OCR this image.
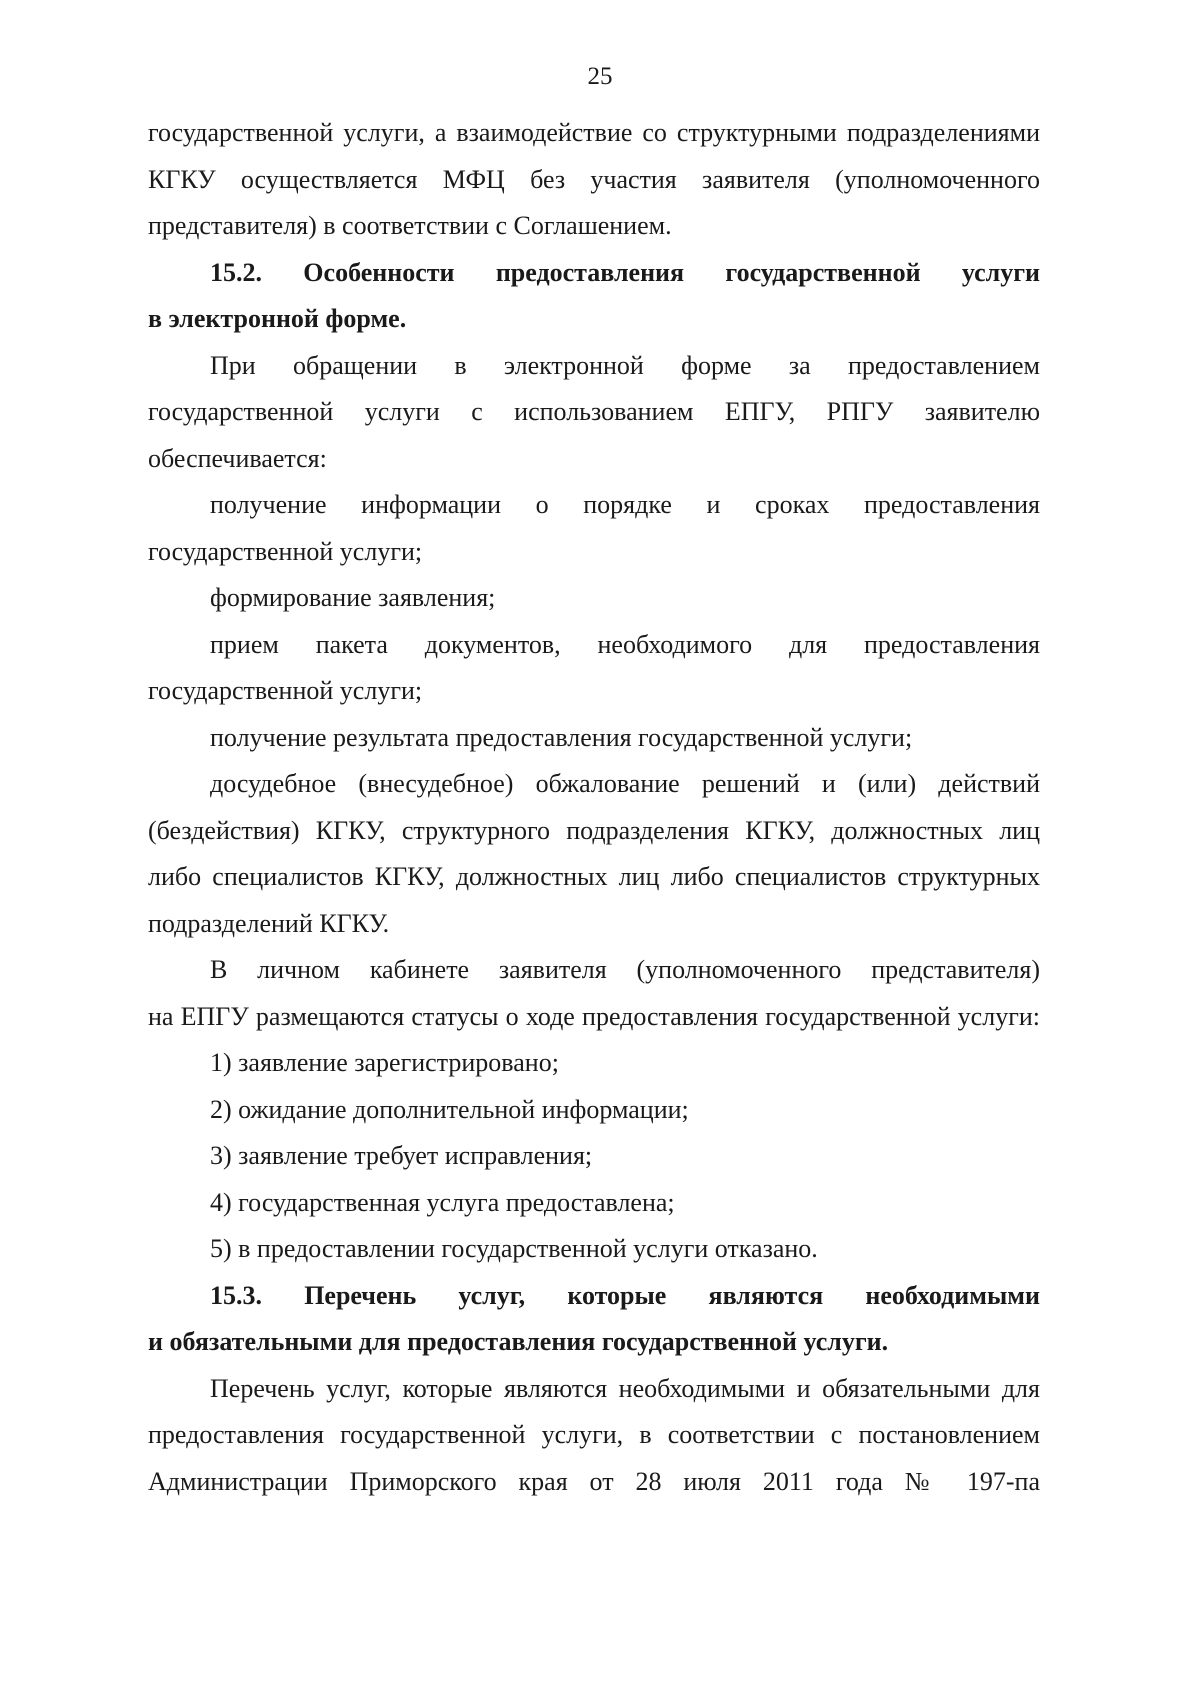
25
государственной услуги, а взаимодействие со структурными подразделениями
КГКУ осуществляется МФЦ без участия заявителя (уполномоченного
представителя) в соответствии с Соглашением.
15.2. Особенности предоставления государственной услуги
в электронной форме.
При обращении в электронной форме за предоставлением
государственной услуги с использованием ЕПГУ, РПГУ заявителю
обеспечивается:
получение информации о порядке и сроках предоставления
государственной услуги;
формирование заявления;
прием пакета документов, необходимого для предоставления
государственной услуги;
получение результата предоставления государственной услуги;
досудебное (внесудебное) обжалование решений и (или) действий
(бездействия) КГКУ, структурного подразделения КГКУ, должностных лиц
либо специалистов КГКУ, должностных лиц либо специалистов структурных
подразделений КГКУ.
В личном кабинете заявителя (уполномоченного представителя)
на ЕПГУ размещаются статусы о ходе предоставления государственной услуги:
1) заявление зарегистрировано;
2) ожидание дополнительной информации;
3) заявление требует исправления;
4) государственная услуга предоставлена;
5) в предоставлении государственной услуги отказано.
15.3. Перечень услуг, которые являются необходимыми
и обязательными для предоставления государственной услуги.
Перечень услуг, которые являются необходимыми и обязательными для
предоставления государственной услуги, в соответствии с постановлением
Администрации Приморского края от 28 июля 2011 года № 197-па
